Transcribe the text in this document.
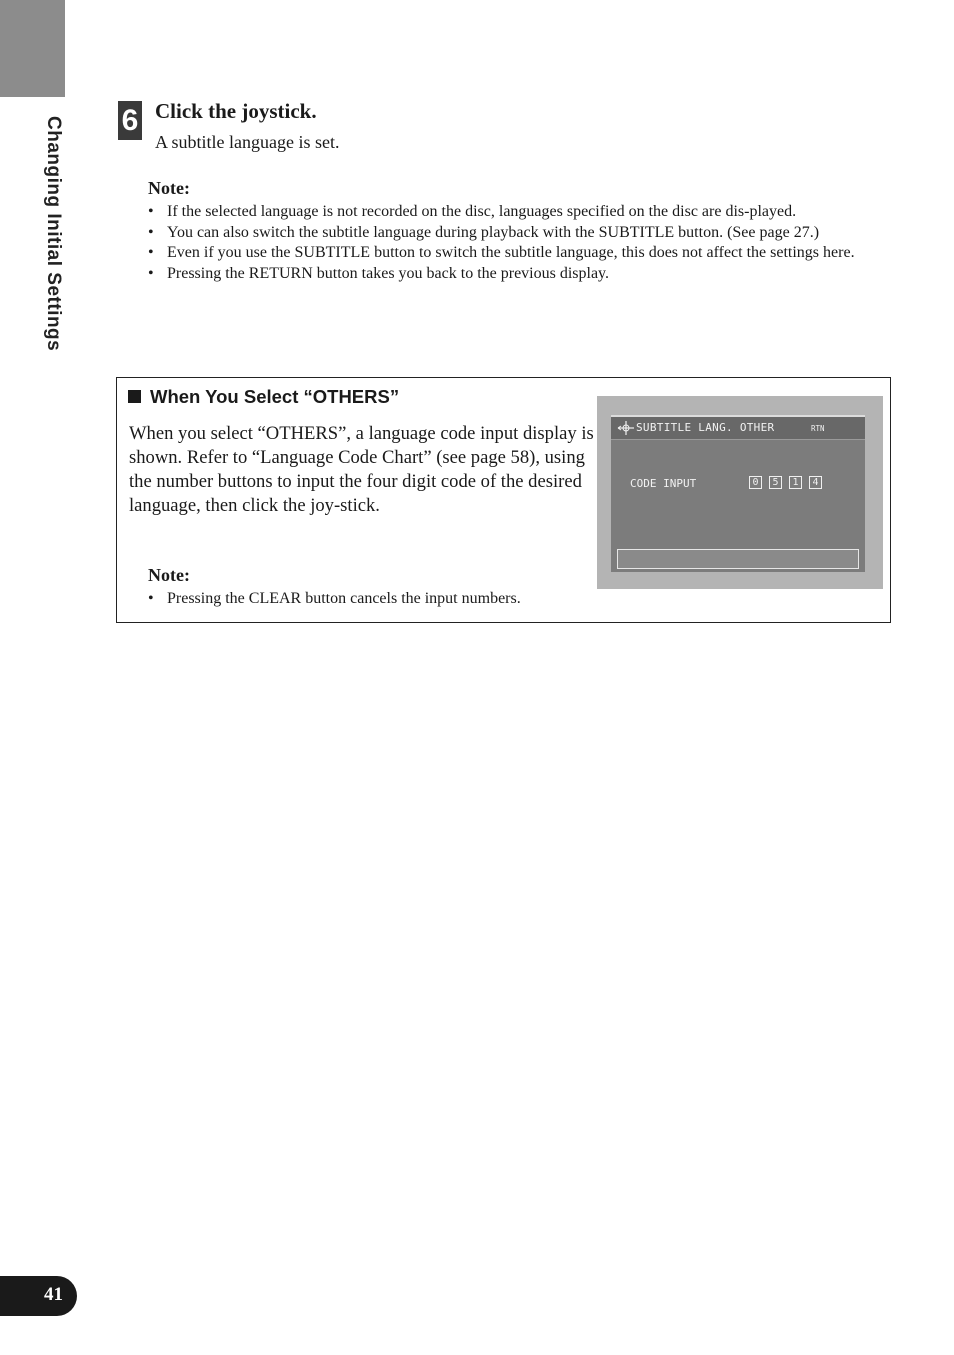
Changing Initial Settings 6 Click the joystick.
A subtitle language is set.
Note:
• If the selected language is not recorded on the disc, languages specified on the disc are dis-played.
• You can also switch the subtitle language during playback with the SUBTITLE button. (See page 27.)
• Even if you use the SUBTITLE button to switch the subtitle language, this does not affect the settings here.
• Pressing the RETURN button takes you back to the previous display.
When You Select “OTHERS”

When you select “OTHERS”, a language code input display is shown. Refer to “Language Code Chart” (see page 58), using the number buttons to input the four digit code of the desired language, then click the joy-stick.

Note:
• Pressing the CLEAR button cancels the input numbers.
SUBTITLE LANG. OTHER	RTN
CODE INPUT	0	5	1	4
41
